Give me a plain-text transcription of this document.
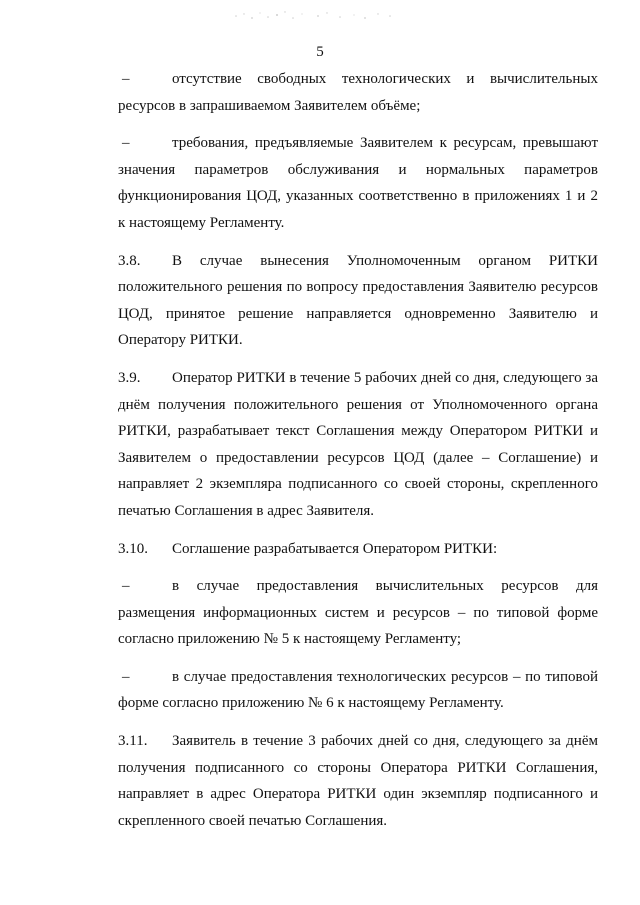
5

–	отсутствие свободных технологических и вычислительных ресурсов в запрашиваемом Заявителем объёме;

–	требования, предъявляемые Заявителем к ресурсам, превышают значения параметров обслуживания и нормальных параметров функционирования ЦОД, указанных соответственно в приложениях 1 и 2 к настоящему Регламенту.

3.8. В случае вынесения Уполномоченным органом РИТКИ положительного решения по вопросу предоставления Заявителю ресурсов ЦОД, принятое решение направляется одновременно Заявителю и Оператору РИТКИ.

3.9. Оператор РИТКИ в течение 5 рабочих дней со дня, следующего за днём получения положительного решения от Уполномоченного органа РИТКИ, разрабатывает текст Соглашения между Оператором РИТКИ и Заявителем о предоставлении ресурсов ЦОД (далее – Соглашение) и направляет 2 экземпляра подписанного со своей стороны, скрепленного печатью Соглашения в адрес Заявителя.

3.10. Соглашение разрабатывается Оператором РИТКИ:

–	в случае предоставления вычислительных ресурсов для размещения информационных систем и ресурсов – по типовой форме согласно приложению № 5 к настоящему Регламенту;

–	в случае предоставления технологических ресурсов – по типовой форме согласно приложению № 6 к настоящему Регламенту.

3.11. Заявитель в течение 3 рабочих дней со дня, следующего за днём получения подписанного со стороны Оператора РИТКИ Соглашения, направляет в адрес Оператора РИТКИ один экземпляр подписанного и скрепленного своей печатью Соглашения.
